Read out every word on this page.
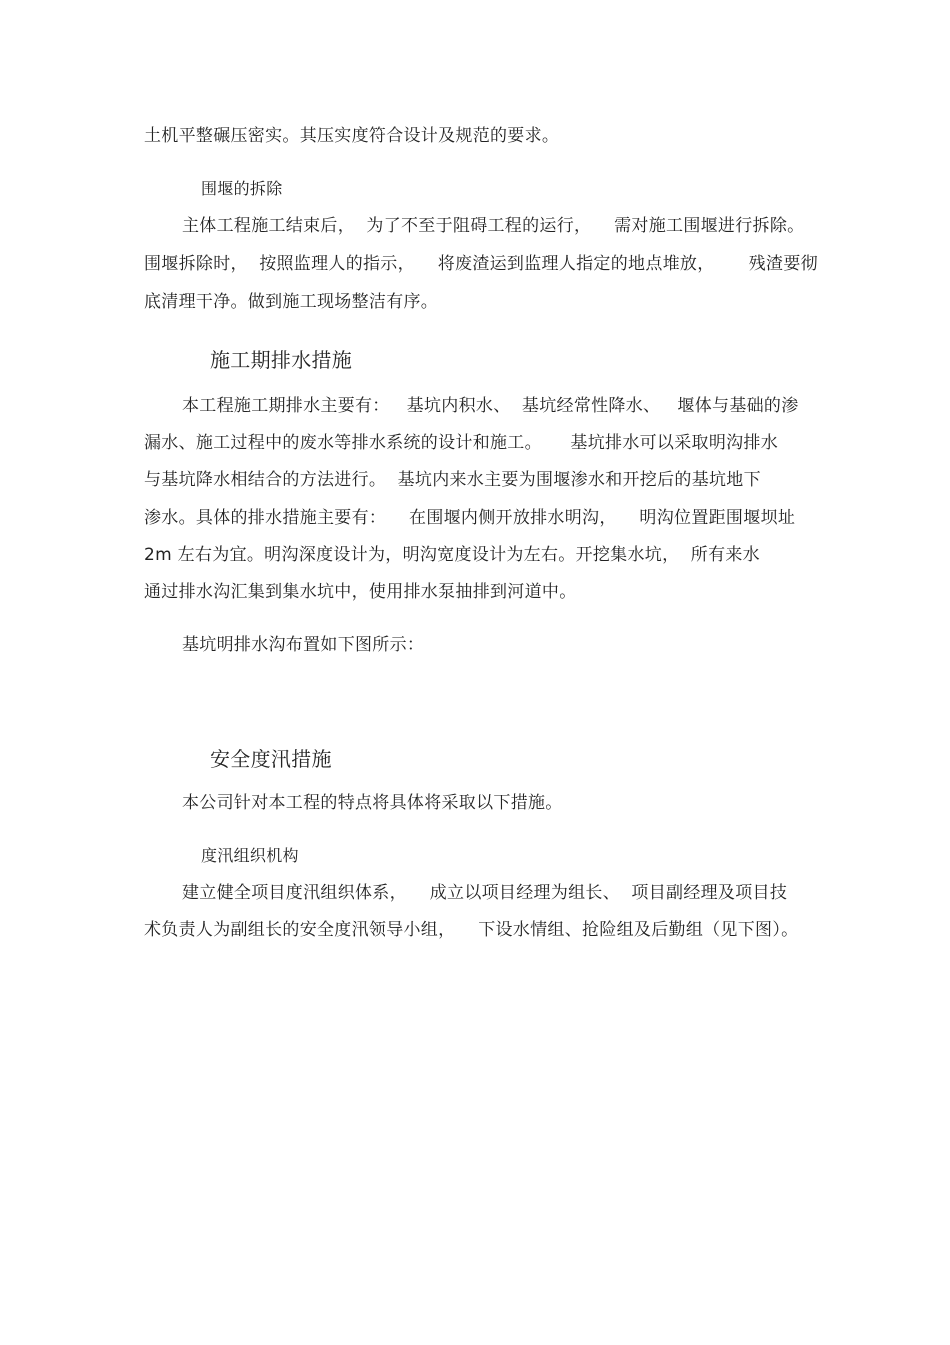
土机平整碾压密实。其压实度符合设计及规范的要求。
围堰的拆除
主体工程施工结束后，  为了不至于阻碍工程的运行，    需对施工围堰进行拆除。
围堰拆除时，  按照监理人的指示，    将废渣运到监理人指定的地点堆放，      残渣要彻
底清理干净。做到施工现场整洁有序。
施工期排水措施
本工程施工期排水主要有：   基坑内积水、  基坑经常性降水、   堰体与基础的渗
漏水、施工过程中的废水等排水系统的设计和施工。     基坑排水可以采取明沟排水
与基坑降水相结合的方法进行。  基坑内来水主要为围堰渗水和开挖后的基坑地下
渗水。具体的排水措施主要有：    在围堰内侧开放排水明沟，    明沟位置距围堰坝址
2m 左右为宜。明沟深度设计为，明沟宽度设计为左右。开挖集水坑，  所有来水
通过排水沟汇集到集水坑中，使用排水泵抽排到河道中。
基坑明排水沟布置如下图所示：
安全度汛措施
本公司针对本工程的特点将具体将采取以下措施。
度汛组织机构
建立健全项目度汛组织体系，    成立以项目经理为组长、  项目副经理及项目技
术负责人为副组长的安全度汛领导小组，    下设水情组、抢险组及后勤组（见下图）。
